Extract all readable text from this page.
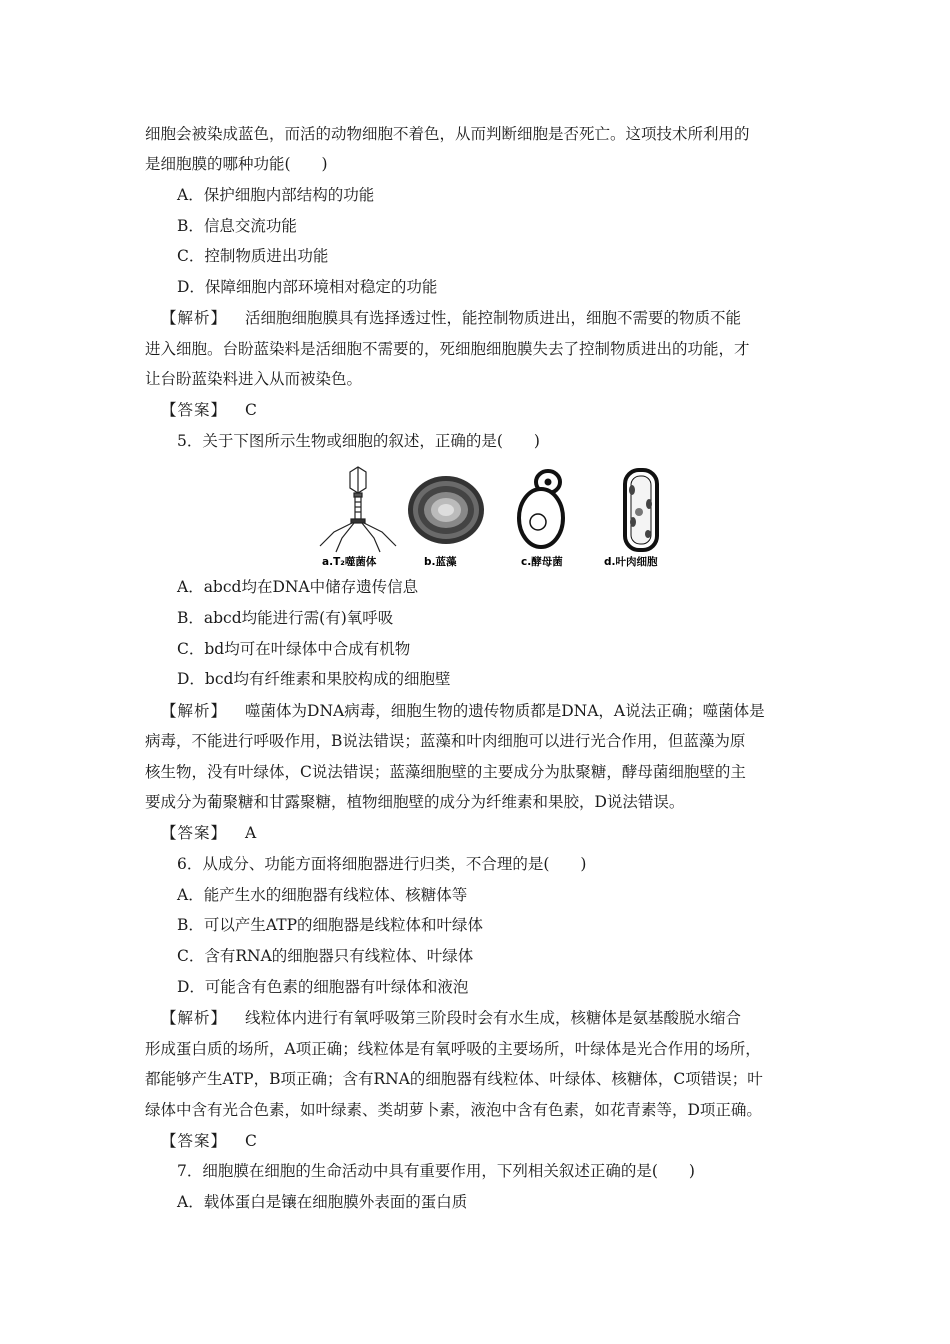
细胞会被染成蓝色，而活的动物细胞不着色，从而判断细胞是否死亡。这项技术所利用的
是细胞膜的哪种功能(　　)
A．保护细胞内部结构的功能
B．信息交流功能
C．控制物质进出功能
D．保障细胞内部环境相对稳定的功能
【解析】 活细胞细胞膜具有选择透过性，能控制物质进出，细胞不需要的物质不能
进入细胞。台盼蓝染料是活细胞不需要的，死细胞细胞膜失去了控制物质进出的功能，才
让台盼蓝染料进入从而被染色。
【答案】 C
5．关于下图所示生物或细胞的叙述，正确的是(　　)
a.T₂噬菌体	b.蓝藻	c.酵母菌	d.叶肉细胞
A．abcd均在DNA中储存遗传信息
B．abcd均能进行需(有)氧呼吸
C．bd均可在叶绿体中合成有机物
D．bcd均有纤维素和果胶构成的细胞壁
【解析】 噬菌体为DNA病毒，细胞生物的遗传物质都是DNA，A说法正确；噬菌体是
病毒，不能进行呼吸作用，B说法错误；蓝藻和叶肉细胞可以进行光合作用，但蓝藻为原
核生物，没有叶绿体，C说法错误；蓝藻细胞壁的主要成分为肽聚糖，酵母菌细胞壁的主
要成分为葡聚糖和甘露聚糖，植物细胞壁的成分为纤维素和果胶，D说法错误。
【答案】 A
6．从成分、功能方面将细胞器进行归类，不合理的是(　　)
A．能产生水的细胞器有线粒体、核糖体等
B．可以产生ATP的细胞器是线粒体和叶绿体
C．含有RNA的细胞器只有线粒体、叶绿体
D．可能含有色素的细胞器有叶绿体和液泡
【解析】 线粒体内进行有氧呼吸第三阶段时会有水生成，核糖体是氨基酸脱水缩合
形成蛋白质的场所，A项正确；线粒体是有氧呼吸的主要场所，叶绿体是光合作用的场所，
都能够产生ATP，B项正确；含有RNA的细胞器有线粒体、叶绿体、核糖体，C项错误；叶
绿体中含有光合色素，如叶绿素、类胡萝卜素，液泡中含有色素，如花青素等，D项正确。
【答案】 C
7．细胞膜在细胞的生命活动中具有重要作用，下列相关叙述正确的是(　　)
A．载体蛋白是镶在细胞膜外表面的蛋白质
